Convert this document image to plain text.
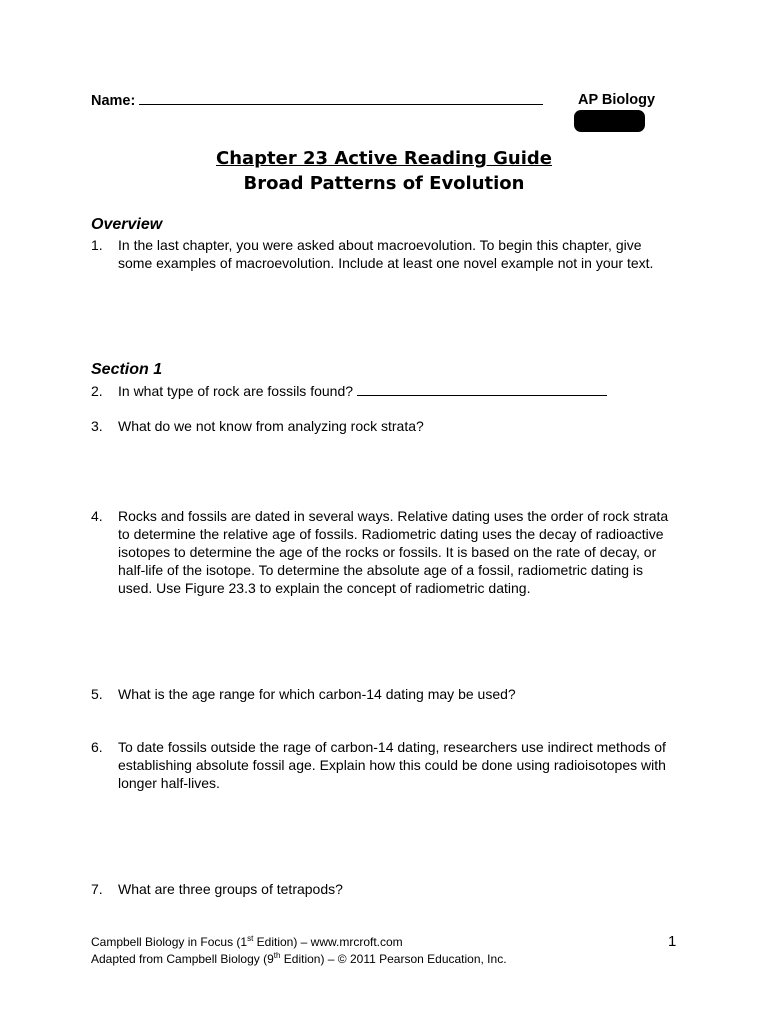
Name:	AP Biology
Chapter 23 Active Reading Guide
Broad Patterns of Evolution
Overview
1. In the last chapter, you were asked about macroevolution. To begin this chapter, give some examples of macroevolution. Include at least one novel example not in your text.
Section 1
2. In what type of rock are fossils found?
3. What do we not know from analyzing rock strata?
4. Rocks and fossils are dated in several ways. Relative dating uses the order of rock strata to determine the relative age of fossils. Radiometric dating uses the decay of radioactive isotopes to determine the age of the rocks or fossils. It is based on the rate of decay, or half-life of the isotope. To determine the absolute age of a fossil, radiometric dating is used. Use Figure 23.3 to explain the concept of radiometric dating.
5. What is the age range for which carbon-14 dating may be used?
6. To date fossils outside the rage of carbon-14 dating, researchers use indirect methods of establishing absolute fossil age. Explain how this could be done using radioisotopes with longer half-lives.
7. What are three groups of tetrapods?
Campbell Biology in Focus (1st Edition) – www.mrcroft.com
Adapted from Campbell Biology (9th Edition) – © 2011 Pearson Education, Inc.
1
